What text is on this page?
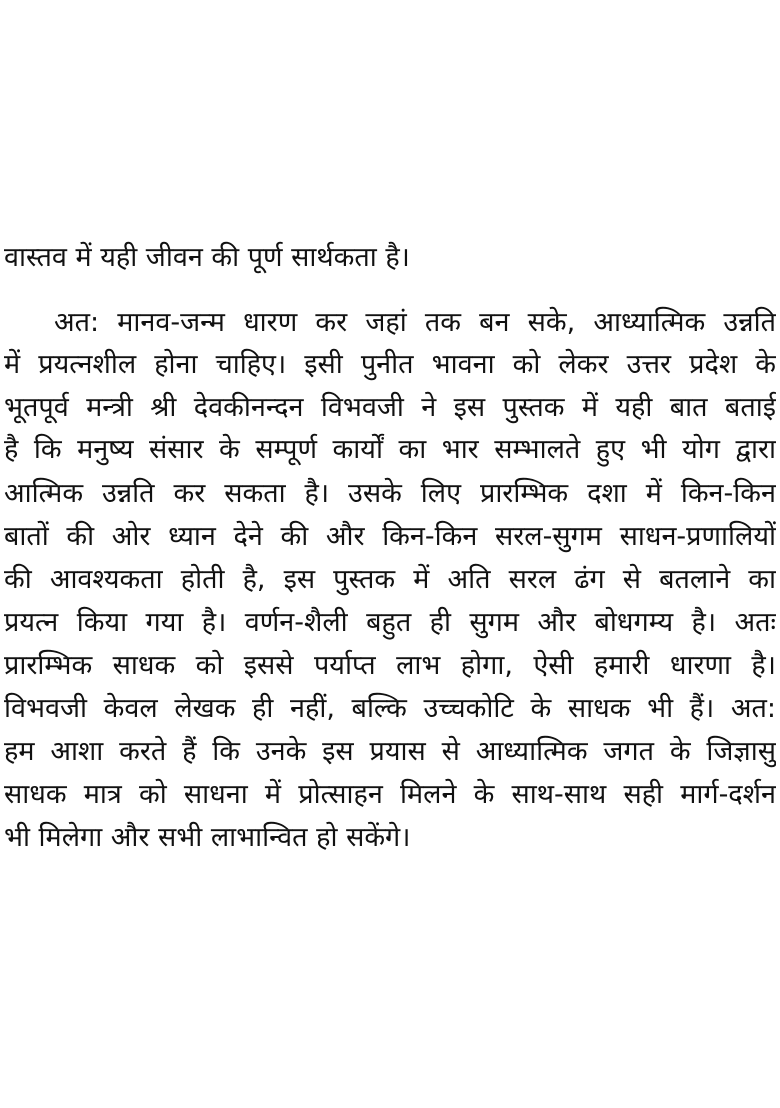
वास्तव में यही जीवन की पूर्ण सार्थकता है।
अत: मानव-जन्म धारण कर जहां तक बन सके, आध्यात्मिक उन्नति
में प्रयत्नशील होना चाहिए। इसी पुनीत भावना को लेकर उत्तर प्रदेश के
भूतपूर्व मन्त्री श्री देवकीनन्दन विभवजी ने इस पुस्तक में यही बात बताई
है कि मनुष्य संसार के सम्पूर्ण कार्यों का भार सम्भालते हुए भी योग द्वारा
आत्मिक उन्नति कर सकता है। उसके लिए प्रारम्भिक दशा में किन-किन
बातों की ओर ध्यान देने की और किन-किन सरल-सुगम साधन-प्रणालियों
की आवश्यकता होती है, इस पुस्तक में अति सरल ढंग से बतलाने का
प्रयत्न किया गया है। वर्णन-शैली बहुत ही सुगम और बोधगम्य है। अतः
प्रारम्भिक साधक को इससे पर्याप्त लाभ होगा, ऐसी हमारी धारणा है।
विभवजी केवल लेखक ही नहीं, बल्कि उच्चकोटि के साधक भी हैं। अत:
हम आशा करते हैं कि उनके इस प्रयास से आध्यात्मिक जगत के जिज्ञासु
साधक मात्र को साधना में प्रोत्साहन मिलने के साथ-साथ सही मार्ग-दर्शन
भी मिलेगा और सभी लाभान्वित हो सकेंगे।
